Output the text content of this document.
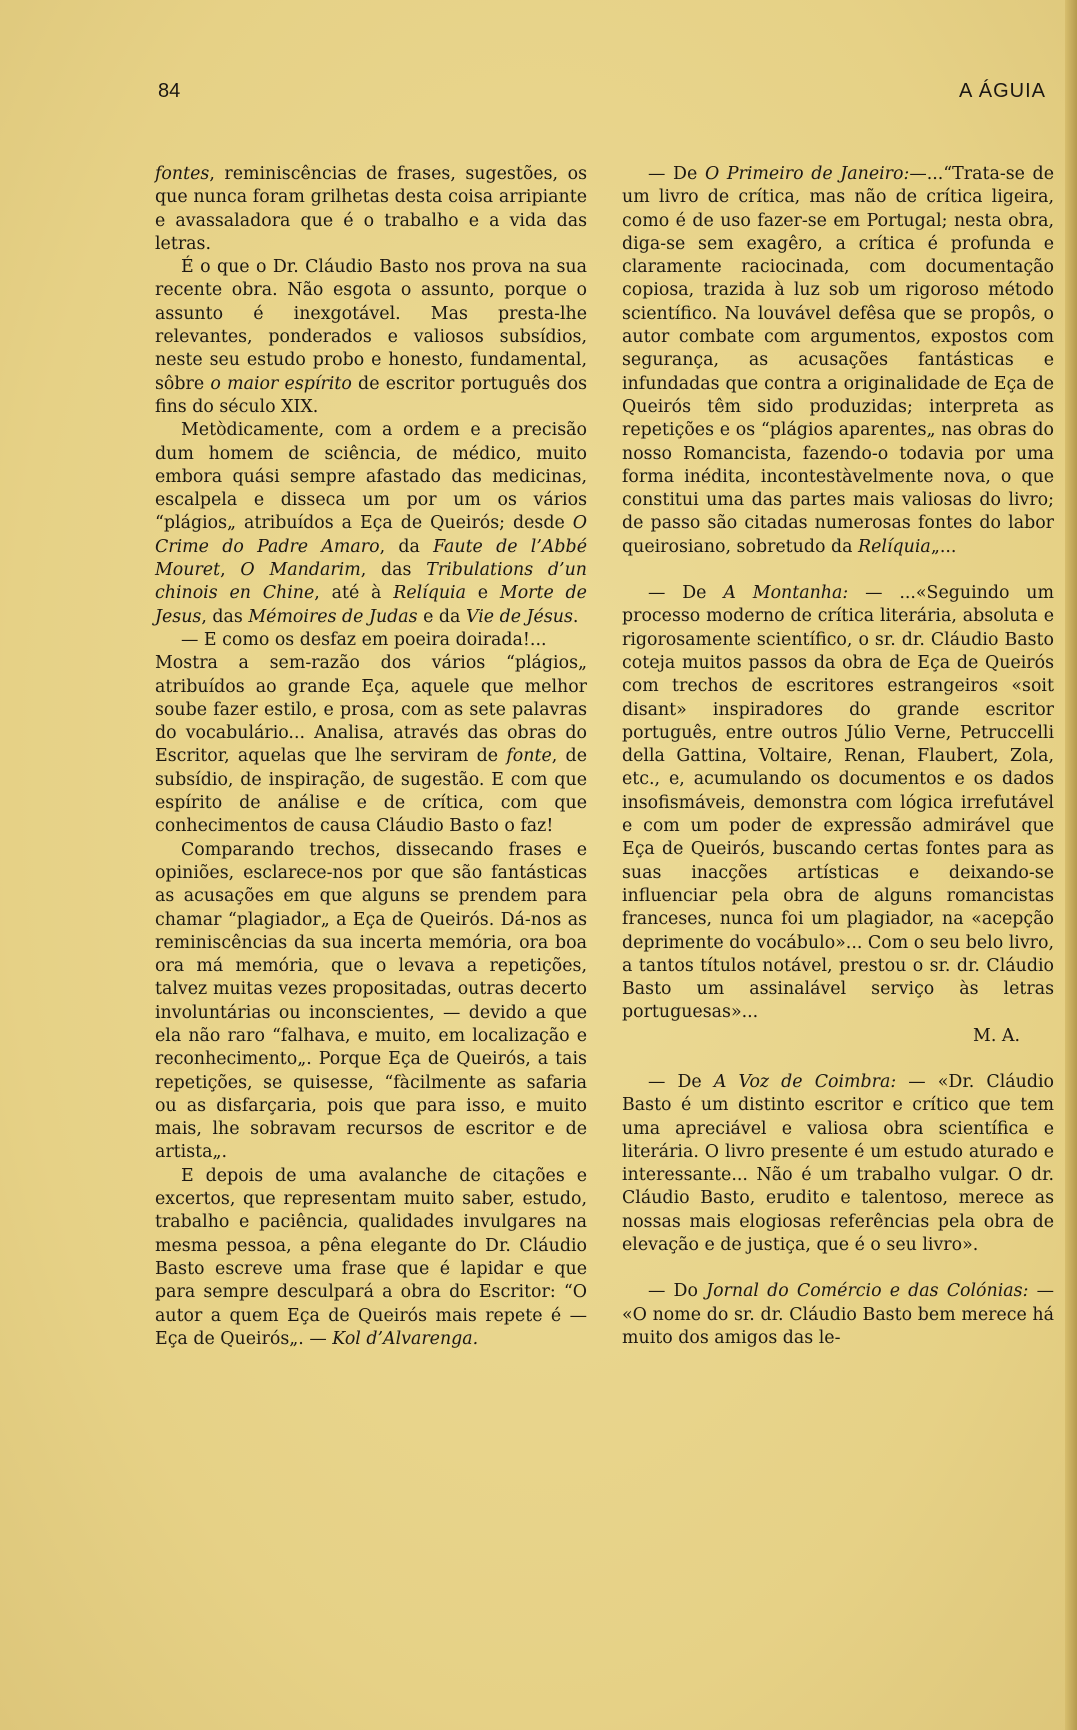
84	A ÁGUIA

fontes, reminiscências de frases, sugestões, os que nunca foram grilhetas desta coisa arripiante e avassaladora que é o trabalho e a vida das letras.

É o que o Dr. Cláudio Basto nos prova na sua recente obra. Não esgota o assunto, porque o assunto é inexgotável. Mas presta-lhe relevantes, ponderados e valiosos subsídios, neste seu estudo probo e honesto, fundamental, sôbre o maior espírito de escritor português dos fins do século XIX.

Metòdicamente, com a ordem e a precisão dum homem de sciência, de médico, muito embora quási sempre afastado das medicinas, escalpela e disseca um por um os vários “plágios„ atribuídos a Eça de Queirós; desde O Crime do Padre Amaro, da Faute de l’Abbé Mouret, O Mandarim, das Tribulations d’un chinois en Chine, até à Relíquia e Morte de Jesus, das Mémoires de Judas e da Vie de Jésus.

— E como os desfaz em poeira doirada!...

Mostra a sem-razão dos vários “plágios„ atribuídos ao grande Eça, aquele que melhor soube fazer estilo, e prosa, com as sete palavras do vocabulário... Analisa, através das obras do Escritor, aquelas que lhe serviram de fonte, de subsídio, de inspiração, de sugestão. E com que espírito de análise e de crítica, com que conhecimentos de causa Cláudio Basto o faz!

Comparando trechos, dissecando frases e opiniões, esclarece-nos por que são fantásticas as acusações em que alguns se prendem para chamar “plagiador„ a Eça de Queirós. Dá-nos as reminiscências da sua incerta memória, ora boa ora má memória, que o levava a repetições, talvez muitas vezes propositadas, outras decerto involuntárias ou inconscientes, — devido a que ela não raro “falhava, e muito, em localização e reconhecimento„. Porque Eça de Queirós, a tais repetições, se quisesse, “fàcilmente as safaria ou as disfarçaria, pois que para isso, e muito mais, lhe sobravam recursos de escritor e de artista„.

E depois de uma avalanche de citações e excertos, que representam muito saber, estudo, trabalho e paciência, qualidades invulgares na mesma pessoa, a pêna elegante do Dr. Cláudio Basto escreve uma frase que é lapidar e que para sempre desculpará a obra do Escritor: “O autor a quem Eça de Queirós mais repete é — Eça de Queirós„. — Kol d’Alvarenga.

— De O Primeiro de Janeiro:—...“Trata-se de um livro de crítica, mas não de crítica ligeira, como é de uso fazer-se em Portugal; nesta obra, diga-se sem exagêro, a crítica é profunda e claramente raciocinada, com documentação copiosa, trazida à luz sob um rigoroso método scientífico. Na louvável defêsa que se propôs, o autor combate com argumentos, expostos com segurança, as acusações fantásticas e infundadas que contra a originalidade de Eça de Queirós têm sido produzidas; interpreta as repetições e os “plágios aparentes„ nas obras do nosso Romancista, fazendo-o todavia por uma forma inédita, incontestàvelmente nova, o que constitui uma das partes mais valiosas do livro; de passo são citadas numerosas fontes do labor queirosiano, sobretudo da Relíquia„...

— De A Montanha: — ...«Seguindo um processo moderno de crítica literária, absoluta e rigorosamente scientífico, o sr. dr. Cláudio Basto coteja muitos passos da obra de Eça de Queirós com trechos de escritores estrangeiros «soit disant» inspiradores do grande escritor português, entre outros Júlio Verne, Petruccelli della Gattina, Voltaire, Renan, Flaubert, Zola, etc., e, acumulando os documentos e os dados insofismáveis, demonstra com lógica irrefutável e com um poder de expressão admirável que Eça de Queirós, buscando certas fontes para as suas inacções artísticas e deixando-se influenciar pela obra de alguns romancistas franceses, nunca foi um plagiador, na «acepção deprimente do vocábulo»... Com o seu belo livro, a tantos títulos notável, prestou o sr. dr. Cláudio Basto um assinalável serviço às letras portuguesas»...

M. A.

— De A Voz de Coimbra: — «Dr. Cláudio Basto é um distinto escritor e crítico que tem uma apreciável e valiosa obra scientífica e literária. O livro presente é um estudo aturado e interessante... Não é um trabalho vulgar. O dr. Cláudio Basto, erudito e talentoso, merece as nossas mais elogiosas referências pela obra de elevação e de justiça, que é o seu livro».

— Do Jornal do Comércio e das Colónias: — «O nome do sr. dr. Cláudio Basto bem merece há muito dos amigos das le-
